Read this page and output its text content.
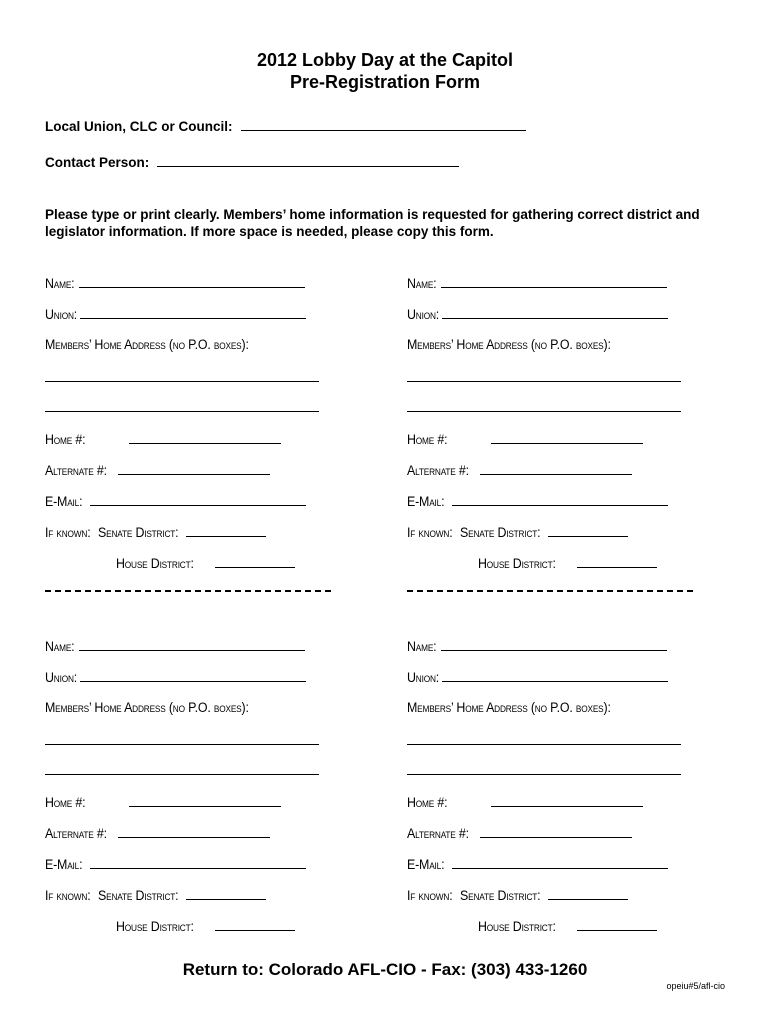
2012 Lobby Day at the Capitol
Pre-Registration Form
Local Union, CLC or Council:
Contact Person:
Please type or print clearly. Members’ home information is requested for gathering correct district and legislator information. If more space is needed, please copy this form.
Name:
Union:
Members’ Home Address (no P.O. boxes):
Home #:
Alternate #:
E-Mail:
If known: Senate District:
House District:
Name:
Union:
Members’ Home Address (no P.O. boxes):
Home #:
Alternate #:
E-Mail:
If known: Senate District:
House District:
Name:
Union:
Members’ Home Address (no P.O. boxes):
Home #:
Alternate #:
E-Mail:
If known: Senate District:
House District:
Name:
Union:
Members’ Home Address (no P.O. boxes):
Home #:
Alternate #:
E-Mail:
If known: Senate District:
House District:
Return to: Colorado AFL-CIO - Fax: (303) 433-1260
opeiu#5/afl-cio
